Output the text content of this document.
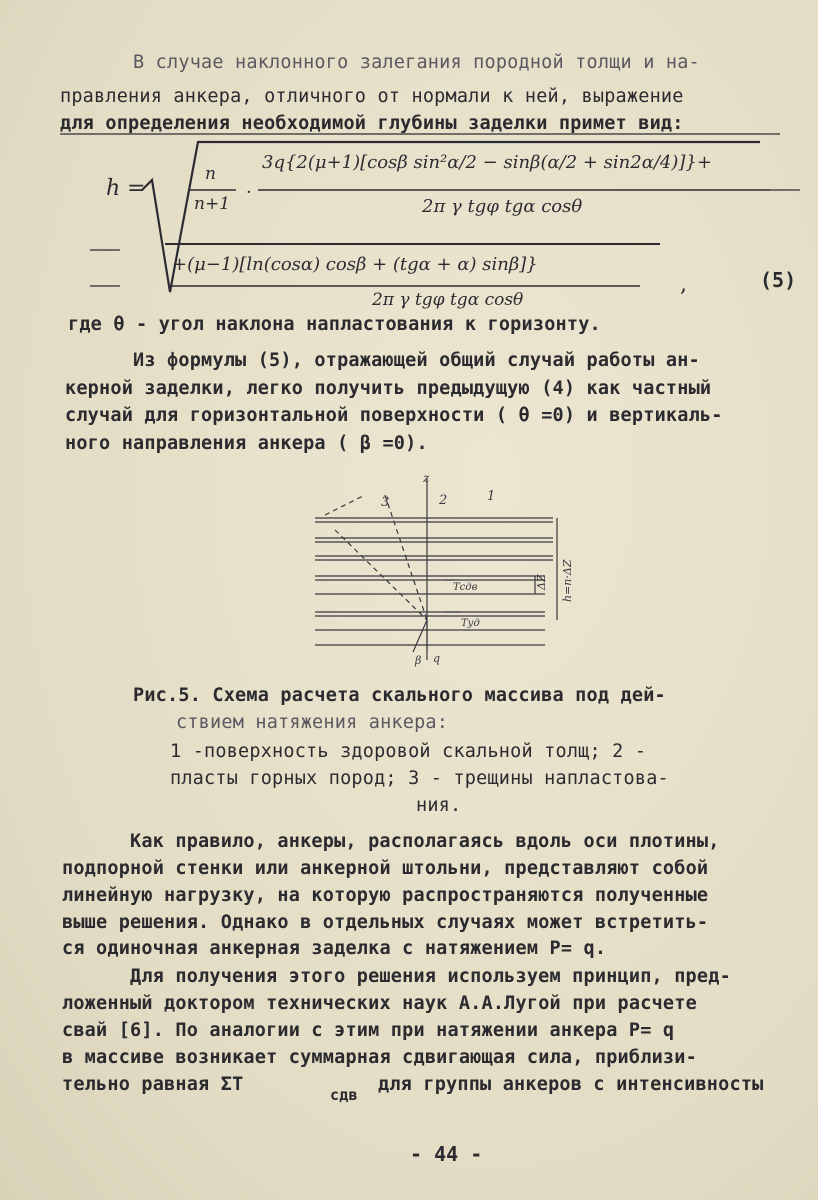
В случае наклонного залегания породной толщи и на-
правления анкера, отличного от нормали к ней, выражение
для определения необходимой глубины заделки примет вид:
h =
n
n+1
·
3q{2(μ+1)[cosβ sin²α/2 − sinβ(α/2 + sin2α/4)]}+
2π γ tgφ tgα cosθ
+(μ−1)[ln(cosα) cosβ + (tgα + α) sinβ]}
2π γ tgφ tgα cosθ
,	(5)
где θ - угол наклона напластования к горизонту.
Из формулы (5), отражающей общий случай работы ан-
керной заделки, легко получить предыдущую (4) как частный
случай для горизонтальной поверхности ( θ =0) и вертикаль-
ного направления анкера ( β =0).
z
1
2
3
ΔZ h=n·ΔZ
Tсдв
Tуд
β q
Рис.5. Схема расчета скального массива под дей-
ствием натяжения анкера:
1 -поверхность здоровой скальной толщ; 2 -
пласты горных пород; 3 - трещины напластова-
ния.
Как правило, анкеры, располагаясь вдоль оси плотины,
подпорной стенки или анкерной штольни, представляют собой
линейную нагрузку, на которую распространяются полученные
выше решения. Однако в отдельных случаях может встретить-
ся одиночная анкерная заделка с натяжением P= q.
Для получения этого решения используем принцип, пред-
ложенный доктором технических наук А.А.Лугой при расчете
свай [6]. По аналогии с этим при натяжении анкера P= q
в массиве возникает суммарная сдвигающая сила, приблизи-
тельно равная ΣT	сдв для группы анкеров с интенсивносты
- 44 -
